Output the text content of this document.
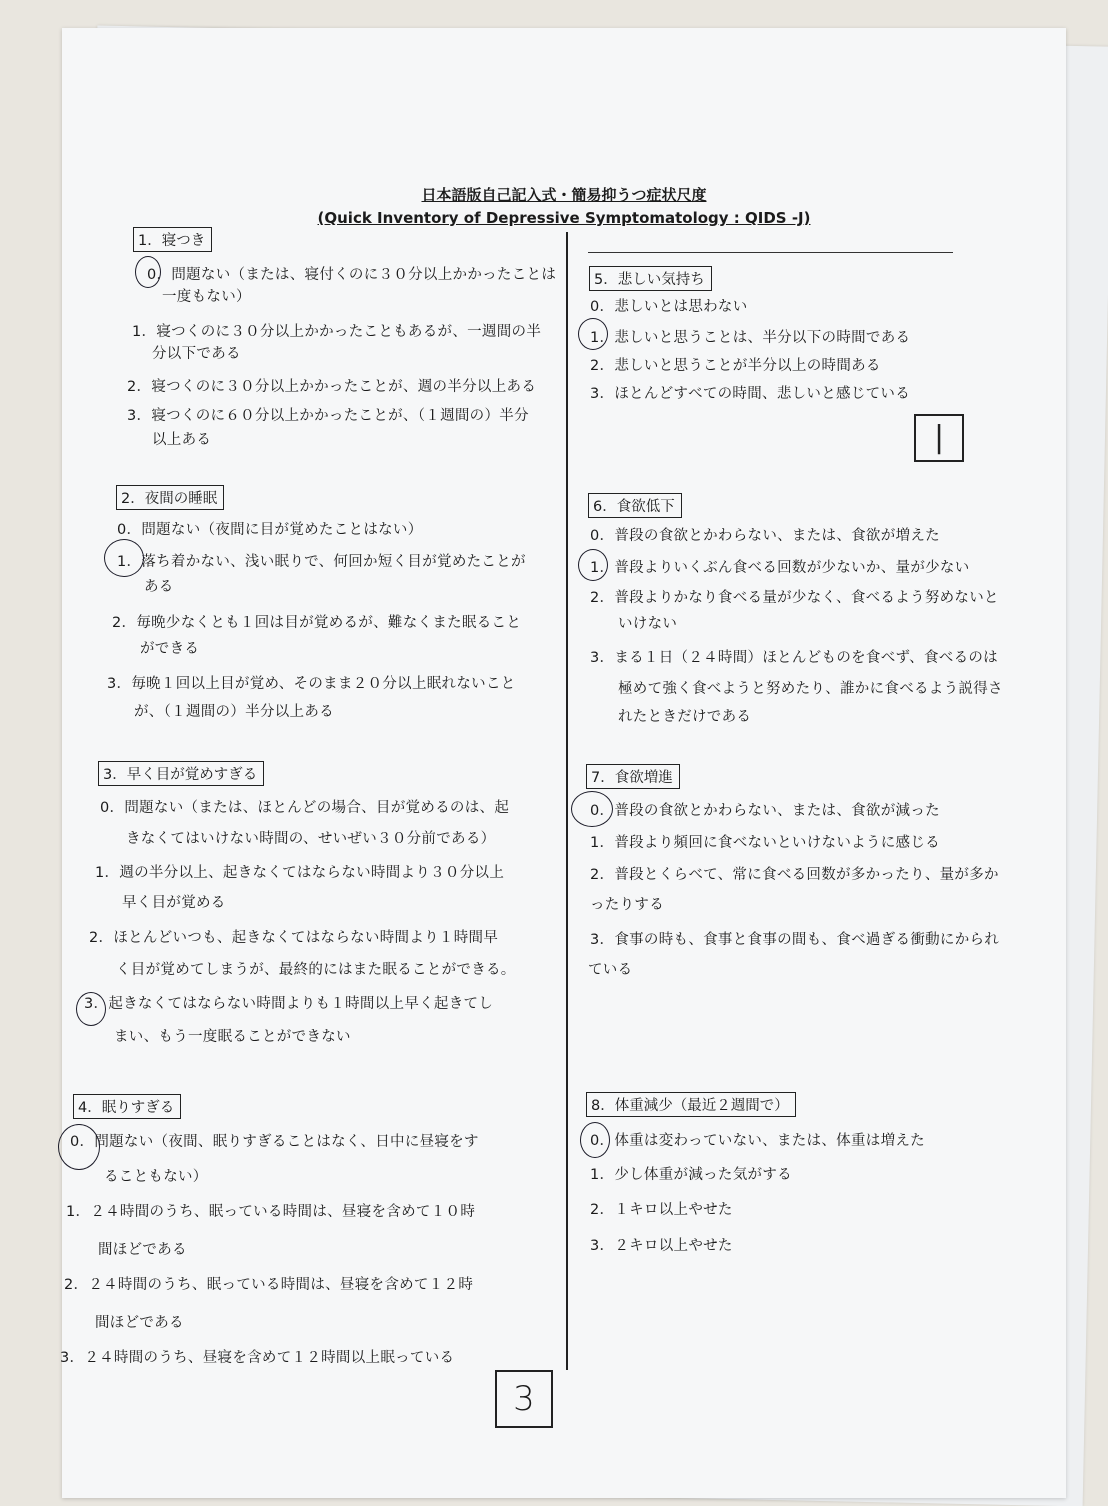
日本語版自己記入式・簡易抑うつ症状尺度
(Quick Inventory of Depressive Symptomatology : QIDS -J)
1．寝つき
0．問題ない（または、寝付くのに３０分以上かかったことは
一度もない）
1．寝つくのに３０分以上かかったこともあるが、一週間の半
分以下である
2．寝つくのに３０分以上かかったことが、週の半分以上ある
3．寝つくのに６０分以上かかったことが、（１週間の）半分
以上ある
2．夜間の睡眠
0．問題ない（夜間に目が覚めたことはない）
1．落ち着かない、浅い眠りで、何回か短く目が覚めたことが
ある
2．毎晩少なくとも１回は目が覚めるが、難なくまた眠ること
ができる
3．毎晩１回以上目が覚め、そのまま２０分以上眠れないこと
が、（１週間の）半分以上ある
3．早く目が覚めすぎる
0．問題ない（または、ほとんどの場合、目が覚めるのは、起
きなくてはいけない時間の、せいぜい３０分前である）
1．週の半分以上、起きなくてはならない時間より３０分以上
早く目が覚める
2．ほとんどいつも、起きなくてはならない時間より１時間早
く目が覚めてしまうが、最終的にはまた眠ることができる。
3．起きなくてはならない時間よりも１時間以上早く起きてし
まい、もう一度眠ることができない
4．眠りすぎる
0．問題ない（夜間、眠りすぎることはなく、日中に昼寝をす
ることもない）
1．２４時間のうち、眠っている時間は、昼寝を含めて１０時
間ほどである
2．２４時間のうち、眠っている時間は、昼寝を含めて１２時
間ほどである
3．２４時間のうち、昼寝を含めて１２時間以上眠っている
5．悲しい気持ち
0．悲しいとは思わない
1．悲しいと思うことは、半分以下の時間である
2．悲しいと思うことが半分以上の時間ある
3．ほとんどすべての時間、悲しいと感じている
|
6．食欲低下
0．普段の食欲とかわらない、または、食欲が増えた
1．普段よりいくぶん食べる回数が少ないか、量が少ない
2．普段よりかなり食べる量が少なく、食べるよう努めないと
いけない
3．まる１日（２４時間）ほとんどものを食べず、食べるのは
極めて強く食べようと努めたり、誰かに食べるよう説得さ
れたときだけである
7．食欲増進
0．普段の食欲とかわらない、または、食欲が減った
1．普段より頻回に食べないといけないように感じる
2．普段とくらべて、常に食べる回数が多かったり、量が多か
ったりする
3．食事の時も、食事と食事の間も、食べ過ぎる衝動にかられ
ている
8．体重減少（最近２週間で）
0．体重は変わっていない、または、体重は増えた
1．少し体重が減った気がする
2．１キロ以上やせた
3．２キロ以上やせた
3
